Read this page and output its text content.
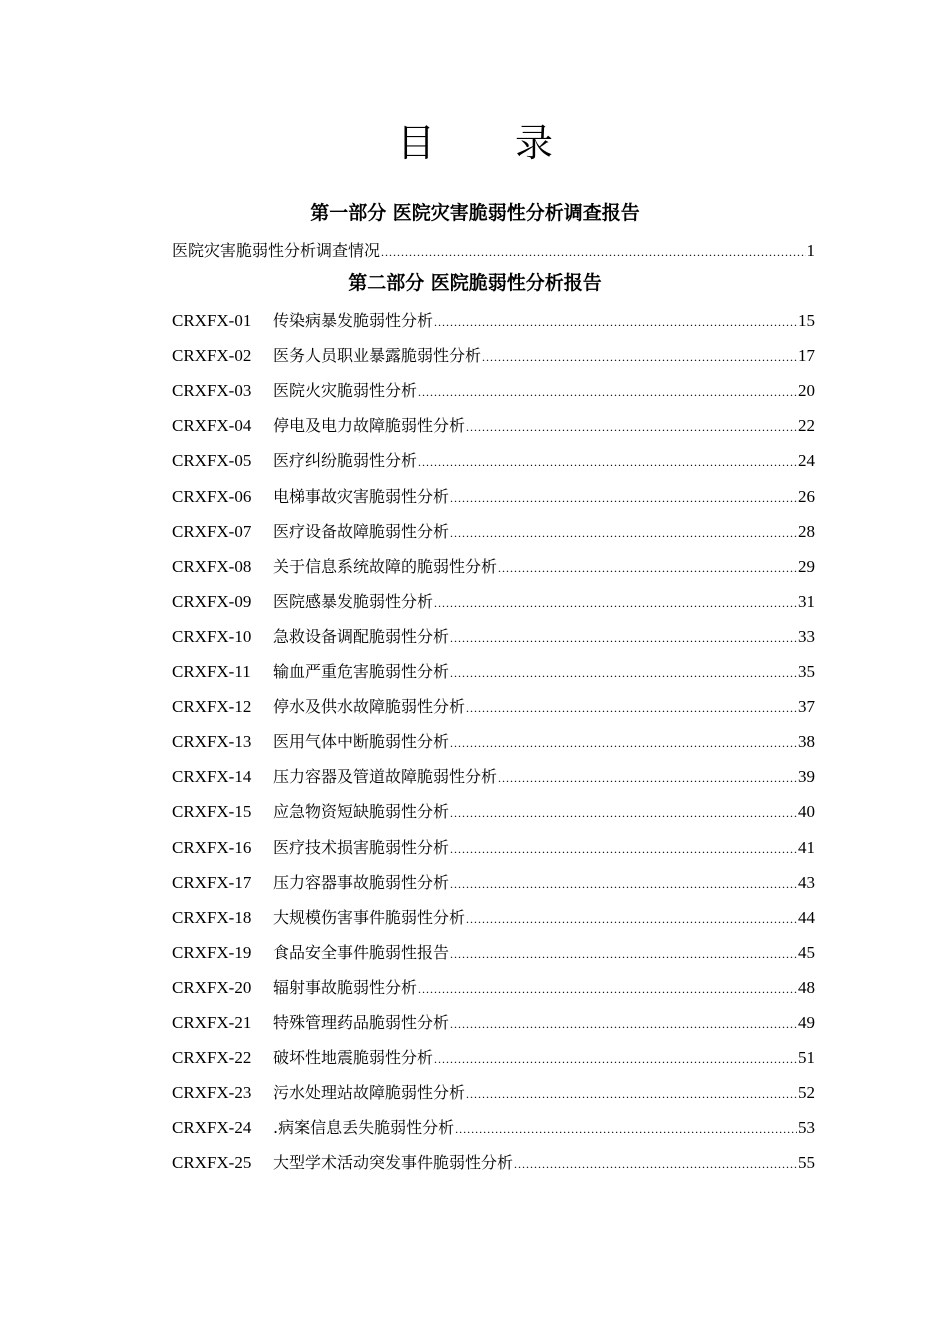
目 录
第一部分 医院灾害脆弱性分析调查报告
医院灾害脆弱性分析调查情况 .....	1
第二部分 医院脆弱性分析报告
CRXFX-01	传染病暴发脆弱性分析 .....	15
CRXFX-02	医务人员职业暴露脆弱性分析 .....	17
CRXFX-03	医院火灾脆弱性分析 .....	20
CRXFX-04	停电及电力故障脆弱性分析 .....	22
CRXFX-05	医疗纠纷脆弱性分析 .....	24
CRXFX-06	电梯事故灾害脆弱性分析 .....	26
CRXFX-07	医疗设备故障脆弱性分析 .....	28
CRXFX-08	关于信息系统故障的脆弱性分析 .....	29
CRXFX-09	医院感暴发脆弱性分析 .....	31
CRXFX-10	急救设备调配脆弱性分析 .....	33
CRXFX-11	输血严重危害脆弱性分析 .....	35
CRXFX-12	停水及供水故障脆弱性分析 .....	37
CRXFX-13	医用气体中断脆弱性分析 .....	38
CRXFX-14	压力容器及管道故障脆弱性分析 .....	39
CRXFX-15	应急物资短缺脆弱性分析 .....	40
CRXFX-16	医疗技术损害脆弱性分析 .....	41
CRXFX-17	压力容器事故脆弱性分析 .....	43
CRXFX-18	大规模伤害事件脆弱性分析 .....	44
CRXFX-19	食品安全事件脆弱性报告 .....	45
CRXFX-20	辐射事故脆弱性分析 .....	48
CRXFX-21	特殊管理药品脆弱性分析 .....	49
CRXFX-22	破坏性地震脆弱性分析 .....	51
CRXFX-23	污水处理站故障脆弱性分析 .....	52
CRXFX-24	.病案信息丢失脆弱性分析 .....	53
CRXFX-25	大型学术活动突发事件脆弱性分析 .....	55
